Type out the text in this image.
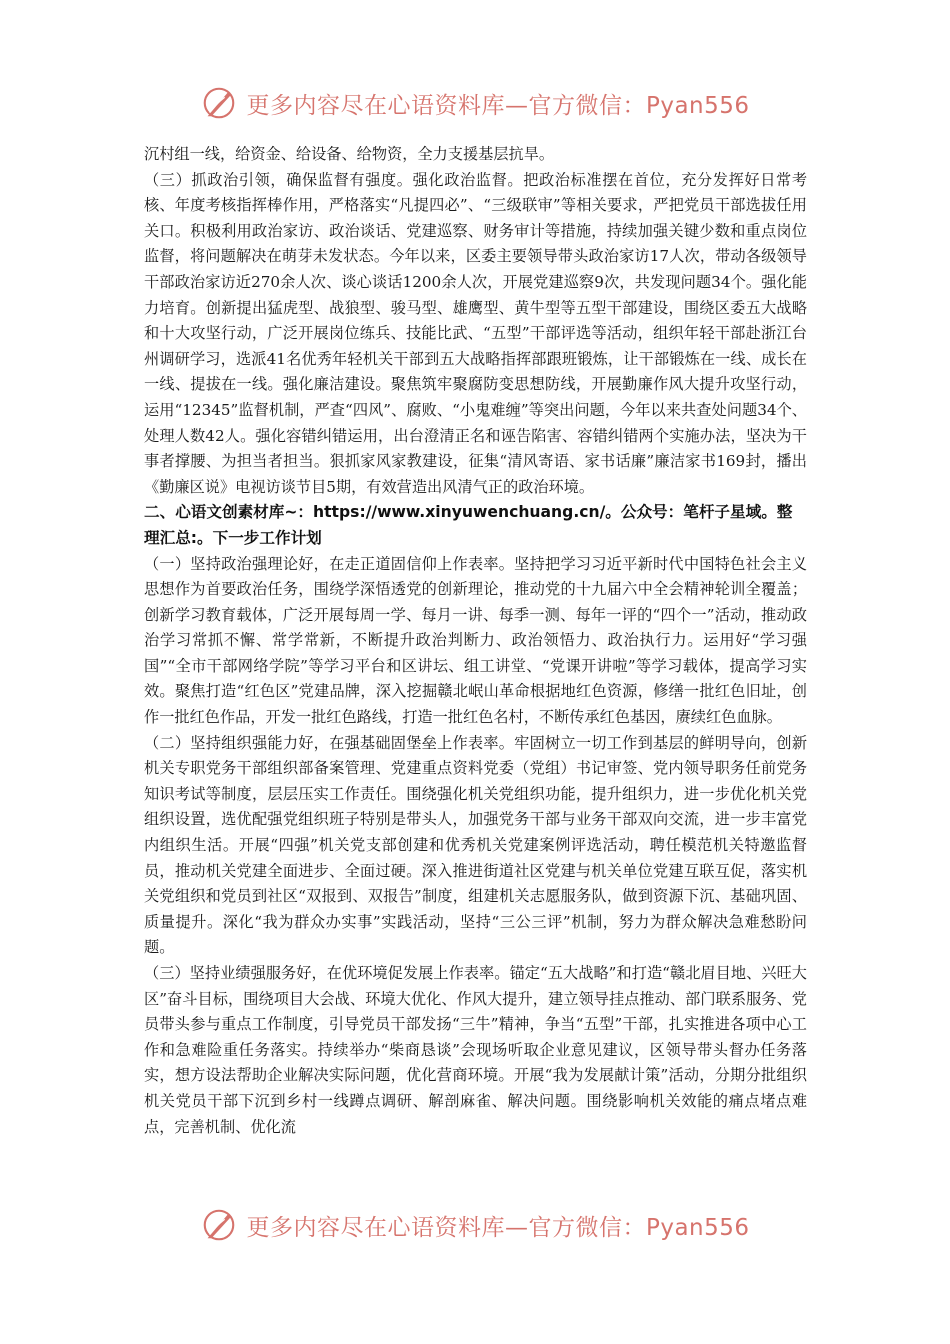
更多内容尽在心语资料库—官方微信：Pyan556

沉村组一线，给资金、给设备、给物资，全力支援基层抗旱。

（三）抓政治引领，确保监督有强度。强化政治监督。把政治标准摆在首位，充分发挥好日常考核、年度考核指挥棒作用，严格落实“凡提四必”、“三级联审”等相关要求，严把党员干部选拔任用关口。积极利用政治家访、政治谈话、党建巡察、财务审计等措施，持续加强关键少数和重点岗位监督，将问题解决在萌芽未发状态。今年以来，区委主要领导带头政治家访17人次，带动各级领导干部政治家访近270余人次、谈心谈话1200余人次，开展党建巡察9次，共发现问题34个。强化能力培育。创新提出猛虎型、战狼型、骏马型、雄鹰型、黄牛型等五型干部建设，围绕区委五大战略和十大攻坚行动，广泛开展岗位练兵、技能比武、“五型”干部评选等活动，组织年轻干部赴浙江台州调研学习，选派41名优秀年轻机关干部到五大战略指挥部跟班锻炼，让干部锻炼在一线、成长在一线、提拔在一线。强化廉洁建设。聚焦筑牢聚腐防变思想防线，开展勤廉作风大提升攻坚行动，运用“12345”监督机制，严查“四风”、腐败、“小鬼难缠”等突出问题，今年以来共查处问题34个、处理人数42人。强化容错纠错运用，出台澄清正名和诬告陷害、容错纠错两个实施办法，坚决为干事者撑腰、为担当者担当。狠抓家风家教建设，征集“清风寄语、家书话廉”廉洁家书169封，播出《勤廉区说》电视访谈节目5期，有效营造出风清气正的政治环境。

二、心语文创素材库~：https://www.xinyuwenchuang.cn/。公众号：笔杆子星域。整理汇总:。下一步工作计划

（一）坚持政治强理论好，在走正道固信仰上作表率。坚持把学习习近平新时代中国特色社会主义思想作为首要政治任务，围绕学深悟透党的创新理论，推动党的十九届六中全会精神轮训全覆盖；创新学习教育载体，广泛开展每周一学、每月一讲、每季一测、每年一评的“四个一”活动，推动政治学习常抓不懈、常学常新，不断提升政治判断力、政治领悟力、政治执行力。运用好“学习强国”“全市干部网络学院”等学习平台和区讲坛、组工讲堂、“党课开讲啦”等学习载体，提高学习实效。聚焦打造“红色区”党建品牌，深入挖掘赣北岷山革命根据地红色资源，修缮一批红色旧址，创作一批红色作品，开发一批红色路线，打造一批红色名村，不断传承红色基因，赓续红色血脉。

（二）坚持组织强能力好，在强基础固堡垒上作表率。牢固树立一切工作到基层的鲜明导向，创新机关专职党务干部组织部备案管理、党建重点资料党委（党组）书记审签、党内领导职务任前党务知识考试等制度，层层压实工作责任。围绕强化机关党组织功能，提升组织力，进一步优化机关党组织设置，选优配强党组织班子特别是带头人，加强党务干部与业务干部双向交流，进一步丰富党内组织生活。开展“四强”机关党支部创建和优秀机关党建案例评选活动，聘任模范机关特邀监督员，推动机关党建全面进步、全面过硬。深入推进街道社区党建与机关单位党建互联互促，落实机关党组织和党员到社区“双报到、双报告”制度，组建机关志愿服务队，做到资源下沉、基础巩固、质量提升。深化“我为群众办实事”实践活动，坚持“三公三评”机制，努力为群众解决急难愁盼问题。

（三）坚持业绩强服务好，在优环境促发展上作表率。锚定“五大战略”和打造“赣北眉目地、兴旺大区”奋斗目标，围绕项目大会战、环境大优化、作风大提升，建立领导挂点推动、部门联系服务、党员带头参与重点工作制度，引导党员干部发扬“三牛”精神，争当“五型”干部，扎实推进各项中心工作和急难险重任务落实。持续举办“柴商恳谈”会现场听取企业意见建议，区领导带头督办任务落实，想方设法帮助企业解决实际问题，优化营商环境。开展“我为发展献计策”活动，分期分批组织机关党员干部下沉到乡村一线蹲点调研、解剖麻雀、解决问题。围绕影响机关效能的痛点堵点难点，完善机制、优化流

更多内容尽在心语资料库—官方微信：Pyan556
